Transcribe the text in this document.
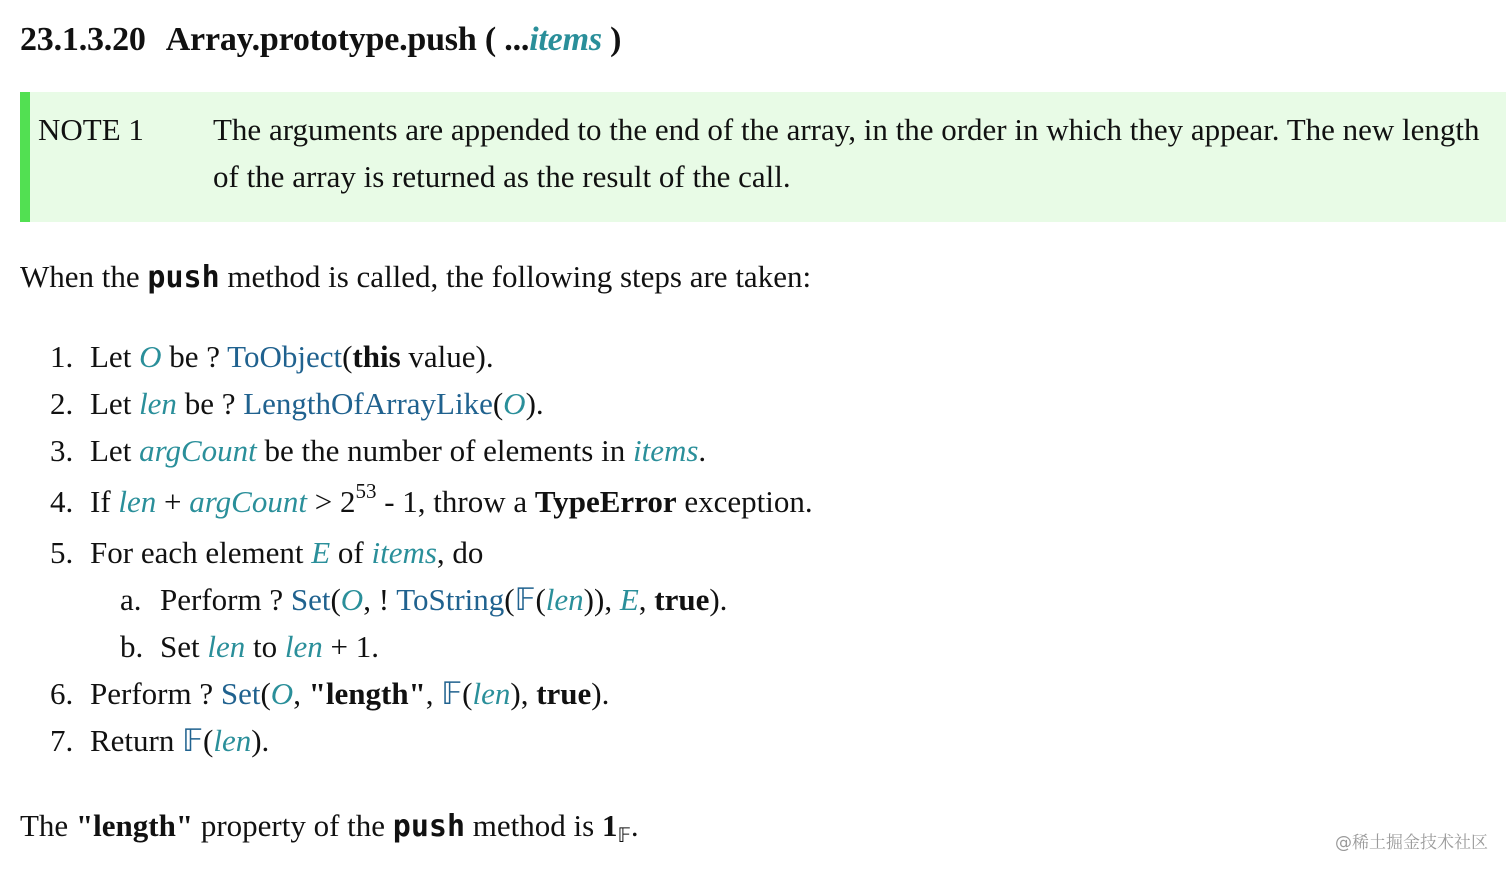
23.1.3.20 Array.prototype.push ( ...items )
NOTE 1 The arguments are appended to the end of the array, in the order in which they appear. The new length of the array is returned as the result of the call.

When the push method is called, the following steps are taken:

1. Let O be ? ToObject(this value).
2. Let len be ? LengthOfArrayLike(O).
3. Let argCount be the number of elements in items.
4. If len + argCount > $2^{53} - 1$, throw a TypeError exception.
5. For each element E of items, do
a. Perform ? Set(O, ! ToString(𝔽(len)), E, true).
b. Set len to len + 1.
6. Perform ? Set(O, "length", 𝔽(len), true).
7. Return 𝔽(len).

The "length" property of the push method is 1𝔽.	@稀土掘金技术社区
